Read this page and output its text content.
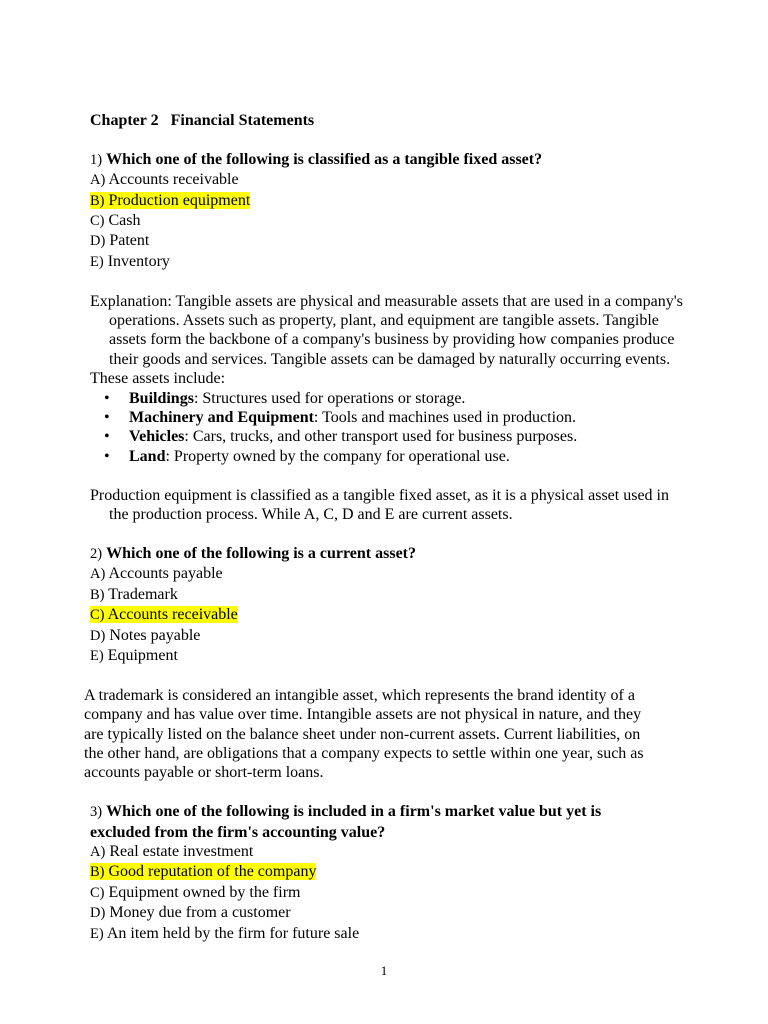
Chapter 2   Financial Statements

1) Which one of the following is classified as a tangible fixed asset?
A) Accounts receivable
B) Production equipment
C) Cash
D) Patent
E) Inventory

Explanation: Tangible assets are physical and measurable assets that are used in a company's operations. Assets such as property, plant, and equipment are tangible assets. Tangible assets form the backbone of a company's business by providing how companies produce their goods and services. Tangible assets can be damaged by naturally occurring events.

These assets include:
• Buildings: Structures used for operations or storage.
• Machinery and Equipment: Tools and machines used in production.
• Vehicles: Cars, trucks, and other transport used for business purposes.
• Land: Property owned by the company for operational use.

Production equipment is classified as a tangible fixed asset, as it is a physical asset used in the production process. While A, C, D and E are current assets.

2) Which one of the following is a current asset?
A) Accounts payable
B) Trademark
C) Accounts receivable
D) Notes payable
E) Equipment

A trademark is considered an intangible asset, which represents the brand identity of a company and has value over time. Intangible assets are not physical in nature, and they are typically listed on the balance sheet under non-current assets. Current liabilities, on the other hand, are obligations that a company expects to settle within one year, such as accounts payable or short-term loans.

3) Which one of the following is included in a firm's market value but yet is excluded from the firm's accounting value?
A) Real estate investment
B) Good reputation of the company
C) Equipment owned by the firm
D) Money due from a customer
E) An item held by the firm for future sale
1
